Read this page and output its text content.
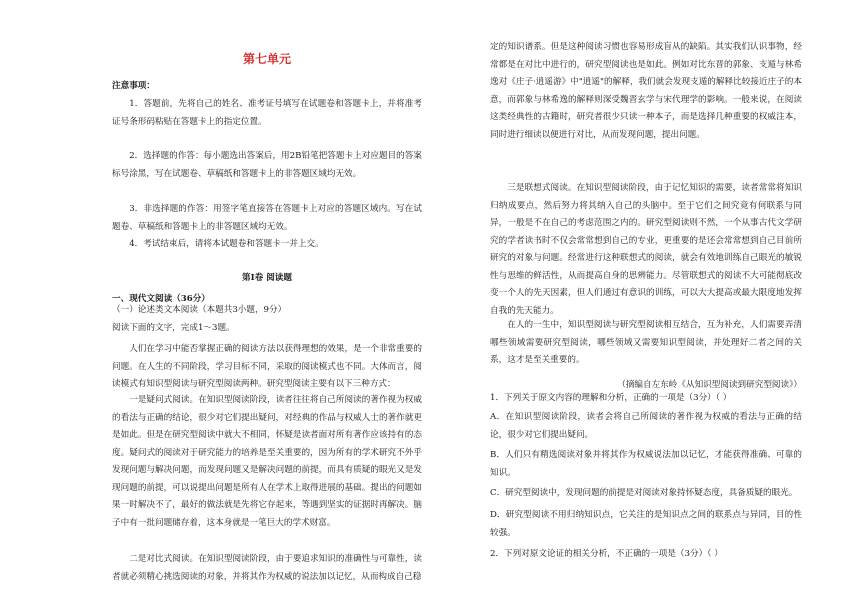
第七单元
注意事项：
1．答题前，先将自己的姓名、准考证号填写在试题卷和答题卡上，并将准考证号条形码粘贴在答题卡上的指定位置。
2．选择题的作答：每小题选出答案后，用2B铅笔把答题卡上对应题目的答案标号涂黑，写在试题卷、草稿纸和答题卡上的非答题区域均无效。
3．非选择题的作答：用签字笔直接答在答题卡上对应的答题区域内。写在试题卷、草稿纸和答题卡上的非答题区域均无效。
4．考试结束后，请将本试题卷和答题卡一并上交。
第Ⅰ卷 阅读题
一、现代文阅读（36分）
（一）论述类文本阅读（本题共3小题，9分）
阅读下面的文字，完成1～3题。
人们在学习中能否掌握正确的阅读方法以获得理想的效果，是一个非常重要的问题。在人生的不同阶段，学习目标不同，采取的阅读模式也不同。大体而言，阅读模式有知识型阅读与研究型阅读两种。研究型阅读主要有以下三种方式：
一是疑问式阅读。在知识型阅读阶段，读者往往将自己所阅读的著作视为权威的看法与正确的结论，很少对它们提出疑问，对经典的作品与权威人士的著作就更是如此。但是在研究型阅读中就大不相同，怀疑是读者面对所有著作应该持有的态度。疑问式的阅读对于研究能力的培养是至关重要的，因为所有的学术研究不外乎发现问题与解决问题，而发现问题又是解决问题的前提，而具有质疑的眼光又是发现问题的前提，可以说提出问题是所有人在学术上取得进展的基础。提出的问题如果一时解决不了，最好的做法就是先将它存起来，等遇到坚实的证据时再解决。脑子中有一批问题储存着，这本身就是一笔巨大的学术财富。
二是对比式阅读。在知识型阅读阶段，由于要追求知识的准确性与可靠性，读者就必须精心挑选阅读的对象，并将其作为权威的说法加以记忆，从而构成自己稳
定的知识谱系。但是这种阅读习惯也容易形成盲从的缺陷。其实我们认识事物，经常都是在对比中进行的，研究型阅读也是如此。例如对比东晋的郭象、支遁与林希逸对《庄子·逍遥游》中"逍遥"的解释，我们就会发现支遁的解释比较接近庄子的本意，而郭象与林希逸的解释则深受魏晋玄学与宋代理学的影响。一般来说，在阅读这类经典性的古籍时，研究者很少只读一种本子，而是选择几种重要的权威注本，同时进行细读以便进行对比，从而发现问题，提出问题。
三是联想式阅读。在知识型阅读阶段，由于记忆知识的需要，读者常常将知识归纳成要点，然后努力将其纳入自己的头脑中。至于它们之间究竟有何联系与同异，一般是不在自己的考虑范围之内的。研究型阅读则不然，一个从事古代文学研究的学者读书时不仅会常常想到自己的专业，更重要的是还会常常想到自己目前所研究的对象与问题。经常进行这种联想式的阅读，就会有效地训练自己眼光的敏锐性与思维的鲜活性，从而提高自身的思辨能力。尽管联想式的阅读不大可能彻底改变一个人的先天因素，但人们通过有意识的训练，可以大大提高或最大限度地发挥自我的先天能力。
在人的一生中，知识型阅读与研究型阅读相互结合，互为补充，人们需要弄清哪些领域需要研究型阅读，哪些领域又需要知识型阅读，并处理好二者之间的关系，这才是至关重要的。
（摘编自左东岭《从知识型阅读到研究型阅读》）
1．下列关于原文内容的理解和分析，正确的一项是（3分）（ ）
A．在知识型阅读阶段，读者会将自己所阅读的著作视为权威的看法与正确的结论，很少对它们提出疑问。
B．人们只有精选阅读对象并将其作为权威说法加以记忆，才能获得准确、可靠的知识。
C．研究型阅读中，发现问题的前提是对阅读对象持怀疑态度，具备质疑的眼光。
D．研究型阅读不用归纳知识点，它关注的是知识点之间的联系点与异同，目的性较强。
2．下列对原文论证的相关分析，不正确的一项是（3分）（ ）
